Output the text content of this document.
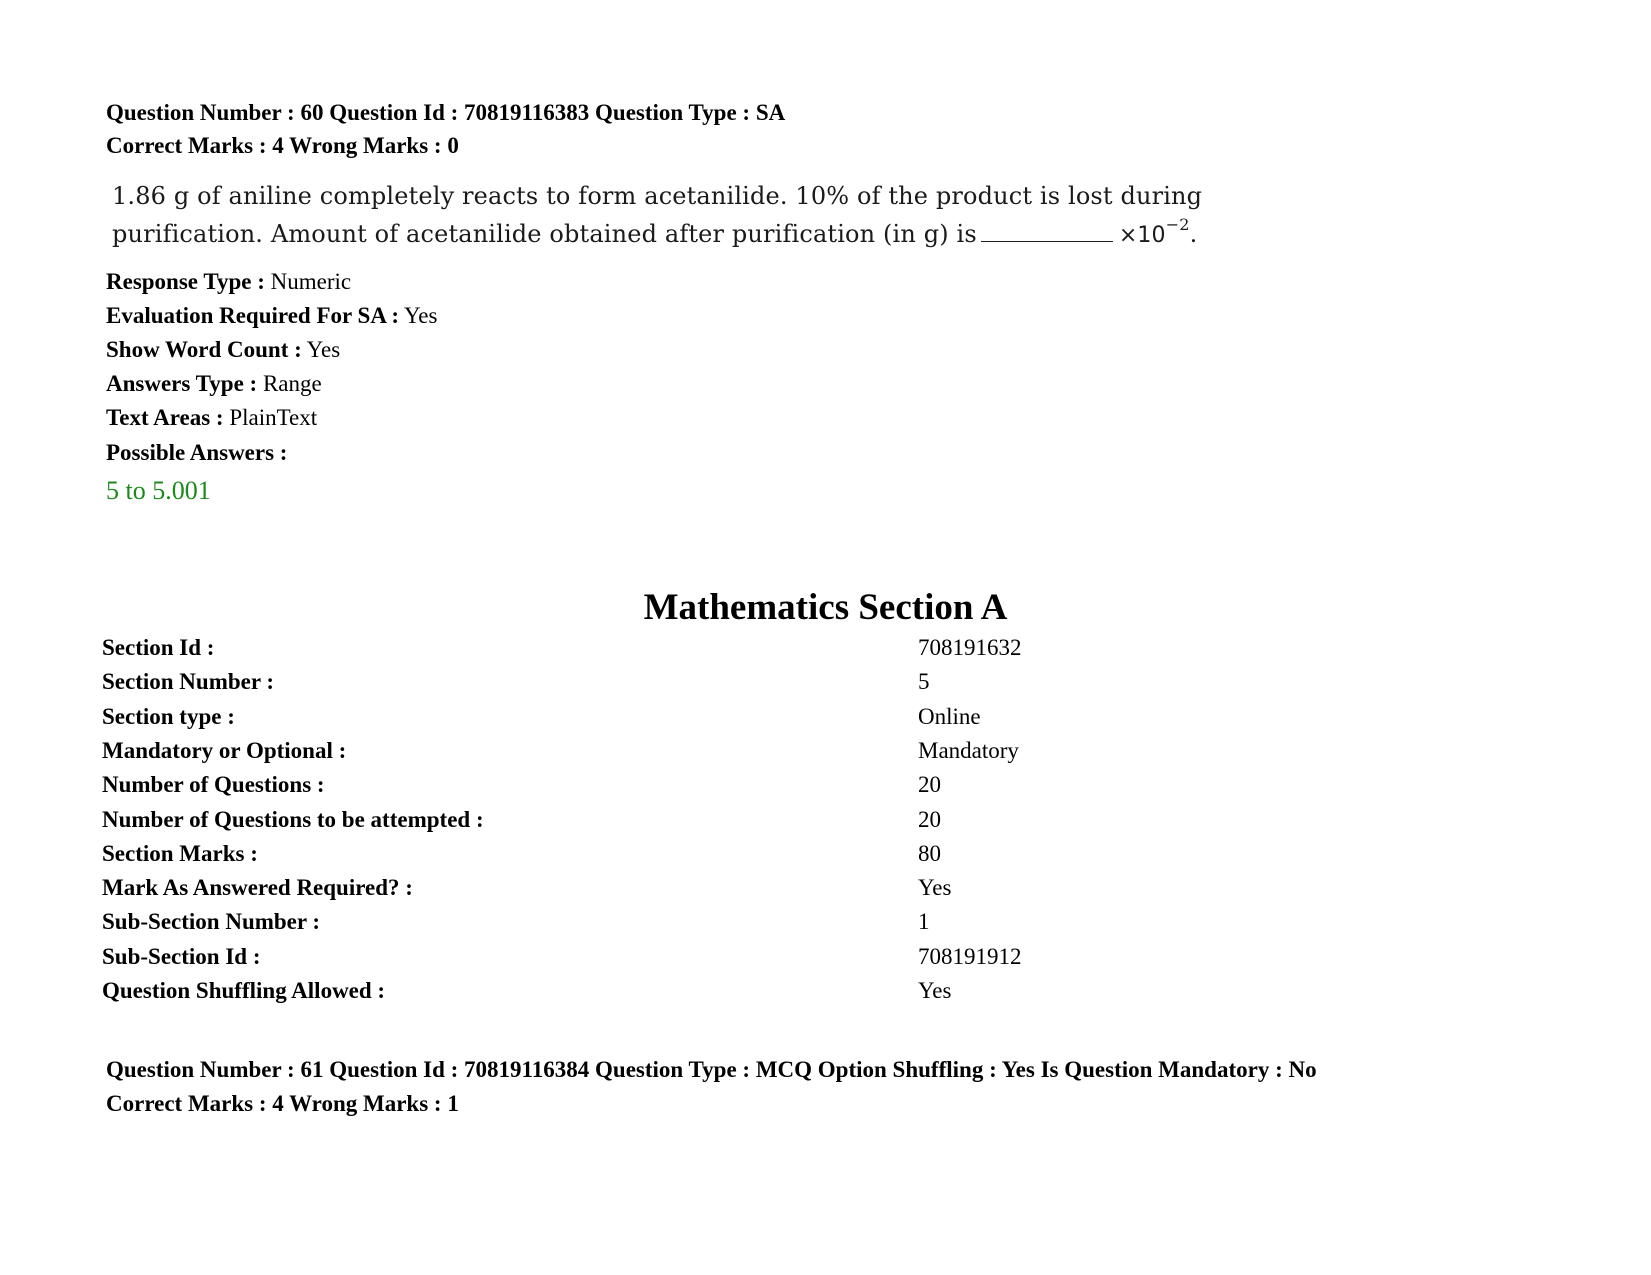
Question Number : 60 Question Id : 70819116383 Question Type : SA
Correct Marks : 4 Wrong Marks : 0
1.86 g of aniline completely reacts to form acetanilide. 10% of the product is lost during
purification. Amount of acetanilide obtained after purification (in g) is	$\times 10^{-2}$.
Response Type : Numeric
Evaluation Required For SA : Yes
Show Word Count : Yes
Answers Type : Range
Text Areas : PlainText
Possible Answers :
5 to 5.001
Mathematics Section A
Section Id :	708191632
Section Number :	5
Section type :	Online
Mandatory or Optional :	Mandatory
Number of Questions :	20
Number of Questions to be attempted :	20
Section Marks :	80
Mark As Answered Required? :	Yes
Sub-Section Number :	1
Sub-Section Id :	708191912
Question Shuffling Allowed :	Yes
Question Number : 61 Question Id : 70819116384 Question Type : MCQ Option Shuffling : Yes Is Question Mandatory : No
Correct Marks : 4 Wrong Marks : 1
